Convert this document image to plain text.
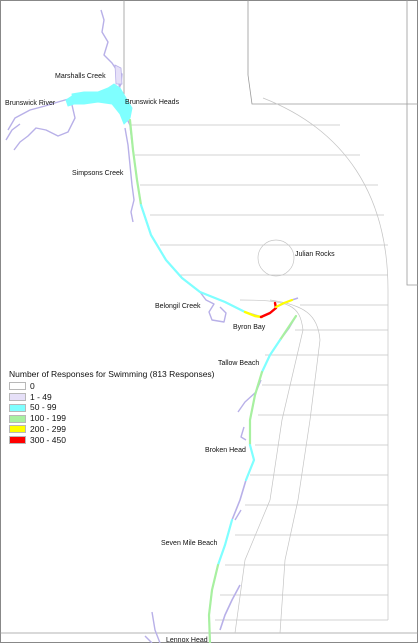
Marshalls Creek
Brunswick River	Brunswick Heads
Simpsons Creek
Julian Rocks
Belongil Creek
Byron Bay
Tallow Beach
Broken Head
Seven Mile Beach
Lennox Head
Number of Responses for Swimming (813 Responses)
0
1 - 49
50 - 99
100 - 199
200 - 299
300 - 450
